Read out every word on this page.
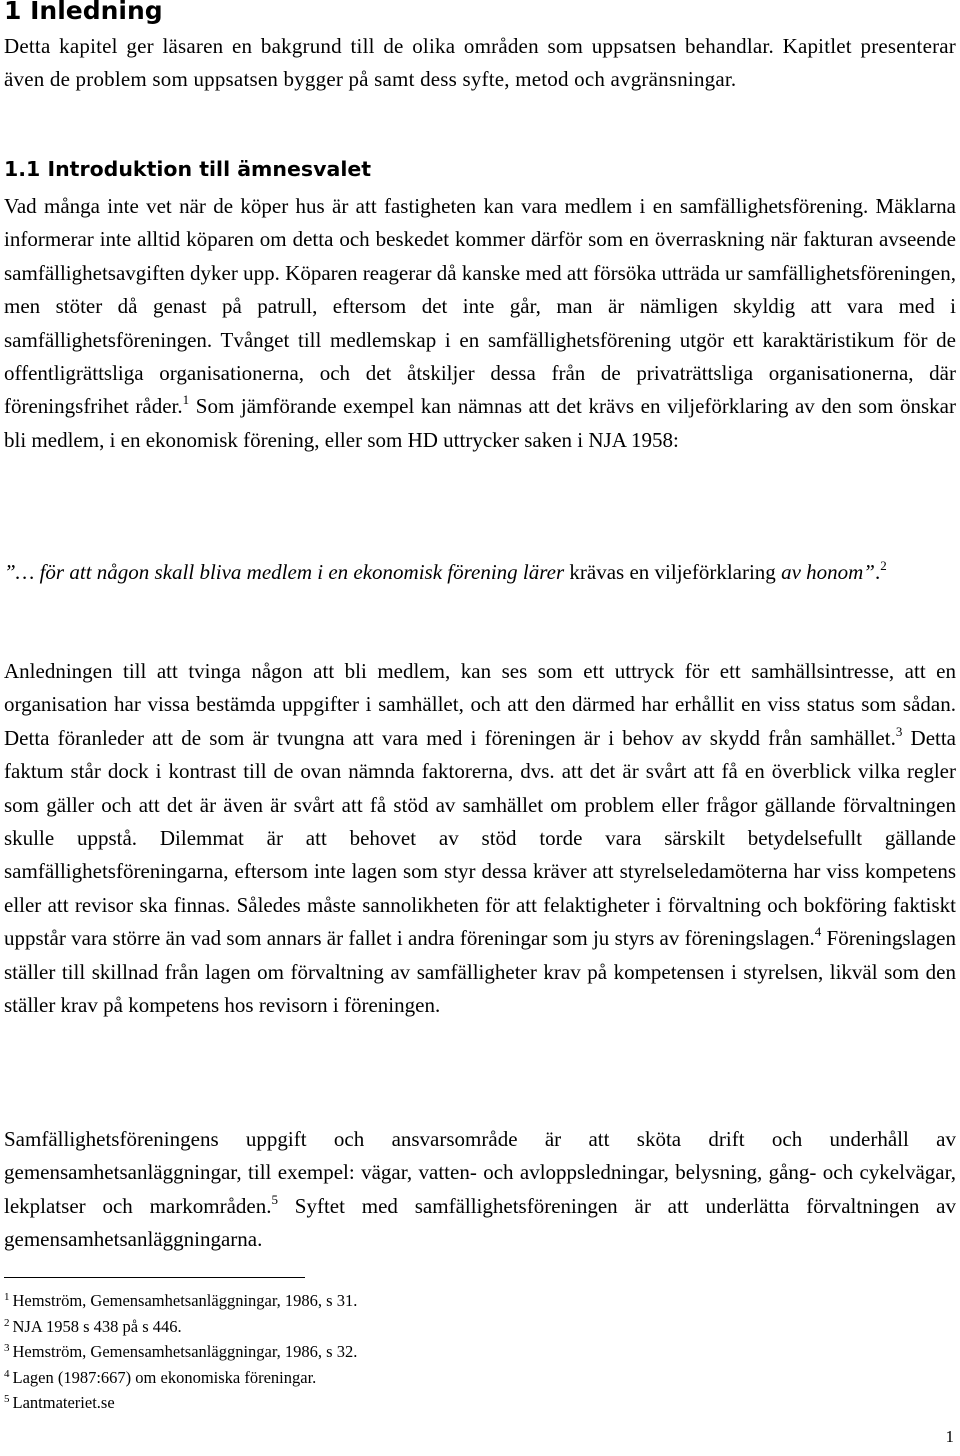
1 Inledning

Detta kapitel ger läsaren en bakgrund till de olika områden som uppsatsen behandlar. Kapitlet presenterar även de problem som uppsatsen bygger på samt dess syfte, metod och avgränsningar.

1.1 Introduktion till ämnesvalet

Vad många inte vet när de köper hus är att fastigheten kan vara medlem i en samfällighetsförening. Mäklarna informerar inte alltid köparen om detta och beskedet kommer därför som en överraskning när fakturan avseende samfällighetsavgiften dyker upp. Köparen reagerar då kanske med att försöka utträda ur samfällighetsföreningen, men stöter då genast på patrull, eftersom det inte går, man är nämligen skyldig att vara med i samfällighetsföreningen. Tvånget till medlemskap i en samfällighetsförening utgör ett karaktäristikum för de offentligrättsliga organisationerna, och det åtskiljer dessa från de privaträttsliga organisationerna, där föreningsfrihet råder.$^1$ Som jämförande exempel kan nämnas att det krävs en viljeförklaring av den som önskar bli medlem, i en ekonomisk förening, eller som HD uttrycker saken i NJA 1958:

”… för att någon skall bliva medlem i en ekonomisk förening lärer krävas en viljeförklaring av honom”.$^2$

Anledningen till att tvinga någon att bli medlem, kan ses som ett uttryck för ett samhällsintresse, att en organisation har vissa bestämda uppgifter i samhället, och att den därmed har erhållit en viss status som sådan. Detta föranleder att de som är tvungna att vara med i föreningen är i behov av skydd från samhället.$^3$ Detta faktum står dock i kontrast till de ovan nämnda faktorerna, dvs. att det är svårt att få en överblick vilka regler som gäller och att det är även är svårt att få stöd av samhället om problem eller frågor gällande förvaltningen skulle uppstå. Dilemmat är att behovet av stöd torde vara särskilt betydelsefullt gällande samfällighetsföreningarna, eftersom inte lagen som styr dessa kräver att styrelseledamöterna har viss kompetens eller att revisor ska finnas. Således måste sannolikheten för att felaktigheter i förvaltning och bokföring faktiskt uppstår vara större än vad som annars är fallet i andra föreningar som ju styrs av föreningslagen.$^4$ Föreningslagen ställer till skillnad från lagen om förvaltning av samfälligheter krav på kompetensen i styrelsen, likväl som den ställer krav på kompetens hos revisorn i föreningen.

Samfällighetsföreningens uppgift och ansvarsområde är att sköta drift och underhåll av gemensamhetsanläggningar, till exempel: vägar, vatten- och avloppsledningar, belysning, gång- och cykelvägar, lekplatser och markområden.$^5$ Syftet med samfällighetsföreningen är att underlätta förvaltningen av gemensamhetsanläggningarna.

$^1$ Hemström, Gemensamhetsanläggningar, 1986, s 31.
$^2$ NJA 1958 s 438 på s 446.
$^3$ Hemström, Gemensamhetsanläggningar, 1986, s 32.
$^4$ Lagen (1987:667) om ekonomiska föreningar.
$^5$ Lantmateriet.se
1
